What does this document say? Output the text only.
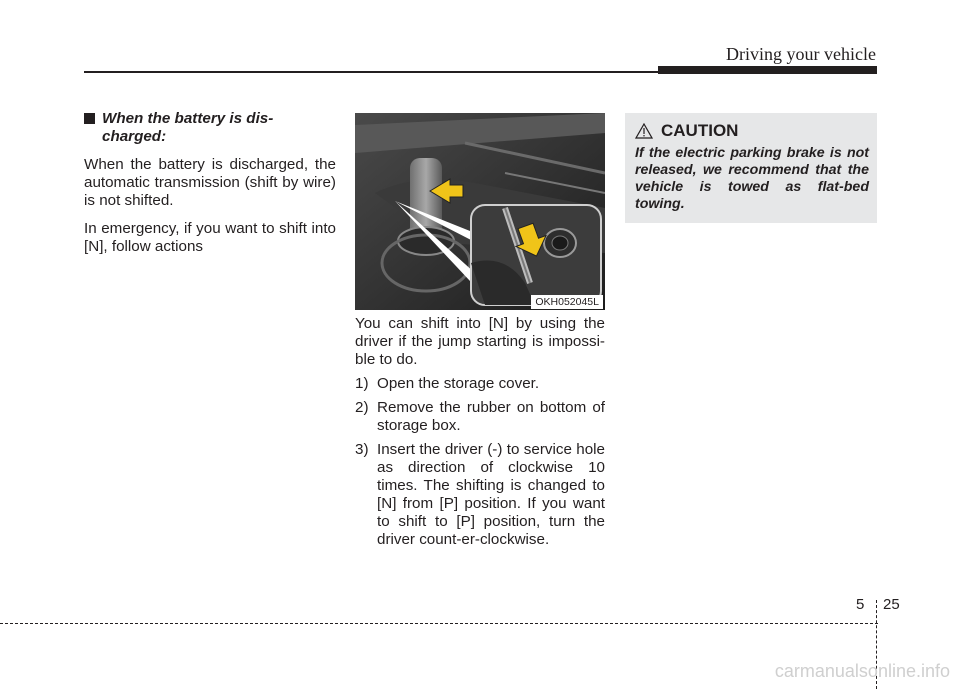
Driving your vehicle
When the battery is dis-
charged:

When the battery is discharged, the automatic transmission (shift by wire) is not shifted.

In emergency, if you want to shift into [N], follow actions

OKH052045L

You can shift into [N] by using the driver if the jump starting is impossi-ble to do.

1) Open the storage cover.
2) Remove the rubber on bottom of storage box.
3) Insert the driver (-) to service hole as direction of clockwise 10 times. The shifting is changed to [N] from [P] position. If you want to shift to [P] position, turn the driver count-er-clockwise.
CAUTION
If the electric parking brake is not released, we recommend that the vehicle is towed as flat-bed towing.
5 25
carmanualsonline.info
